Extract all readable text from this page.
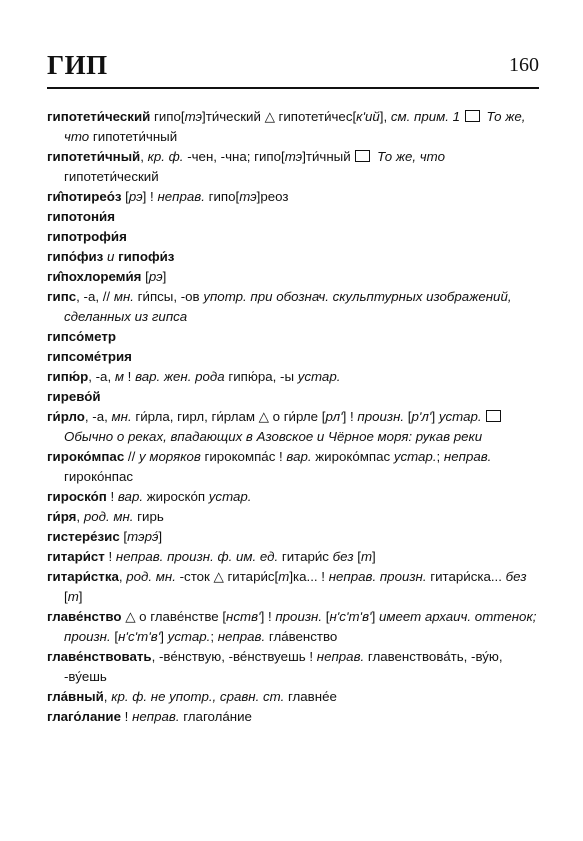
ГИП	160

гипотети́ческий гипо[тэ]ти́ческий △ гипотети́чес[кʹий], см. прим. 1  То же, что гипотети́чный

гипотети́чный, кр. ф. -чен, -чна; гипо[тэ]ти́чный  То же, что гипотети́ческий

ги̂потирео́з [рэ] ! неправ. гипо[тэ]реоз

гипотони́я

гипотрофи́я

гипо́физ и гипофи́з

ги̂похлореми́я [рэ]

гипс, -а, // мн. ги́псы, -ов употр. при обознач. скульптурных изображений, сделанных из гипса

гипсо́метр

гипсоме́трия

гипю́р, -а, м ! вар. жен. рода гипю́ра, -ы устар.

гирево́й

ги́рло, -а, мн. ги́рла, гирл, ги́рлам △ о ги́рле [рлʹ] ! произн. [рʹлʹ] устар.  Обычно о реках, впадающих в Азовское и Чёрное моря: рукав реки

гироко́мпас // у моряков гирокомпа́с ! вар. жироко́мпас устар.; неправ. гироко́нпас

гироско́п ! вар. жироско́п устар.

ги́ря, род. мн. гирь

гистере́зис [тэрэ́]

гитари́ст ! неправ. произн. ф. им. ед. гитари́с без [т]

гитари́стка, род. мн. -сток △ гитари́с[т]ка... ! неправ. произн. гитари́ска... без [т]

главе́нство △ о главе́нстве [нствʹ] ! произн. [нʹсʹтʹвʹ] имеет архаич. оттенок; произн. [нʹсʹтʹвʹ] устар.; неправ. гла́венство

главе́нствовать, -ве́нствую, -ве́нствуешь ! неправ. главенствова́ть, -ву́ю, -ву́ешь

гла́вный, кр. ф. не употр., сравн. ст. главне́е

глаго́лание ! неправ. глаголáние
